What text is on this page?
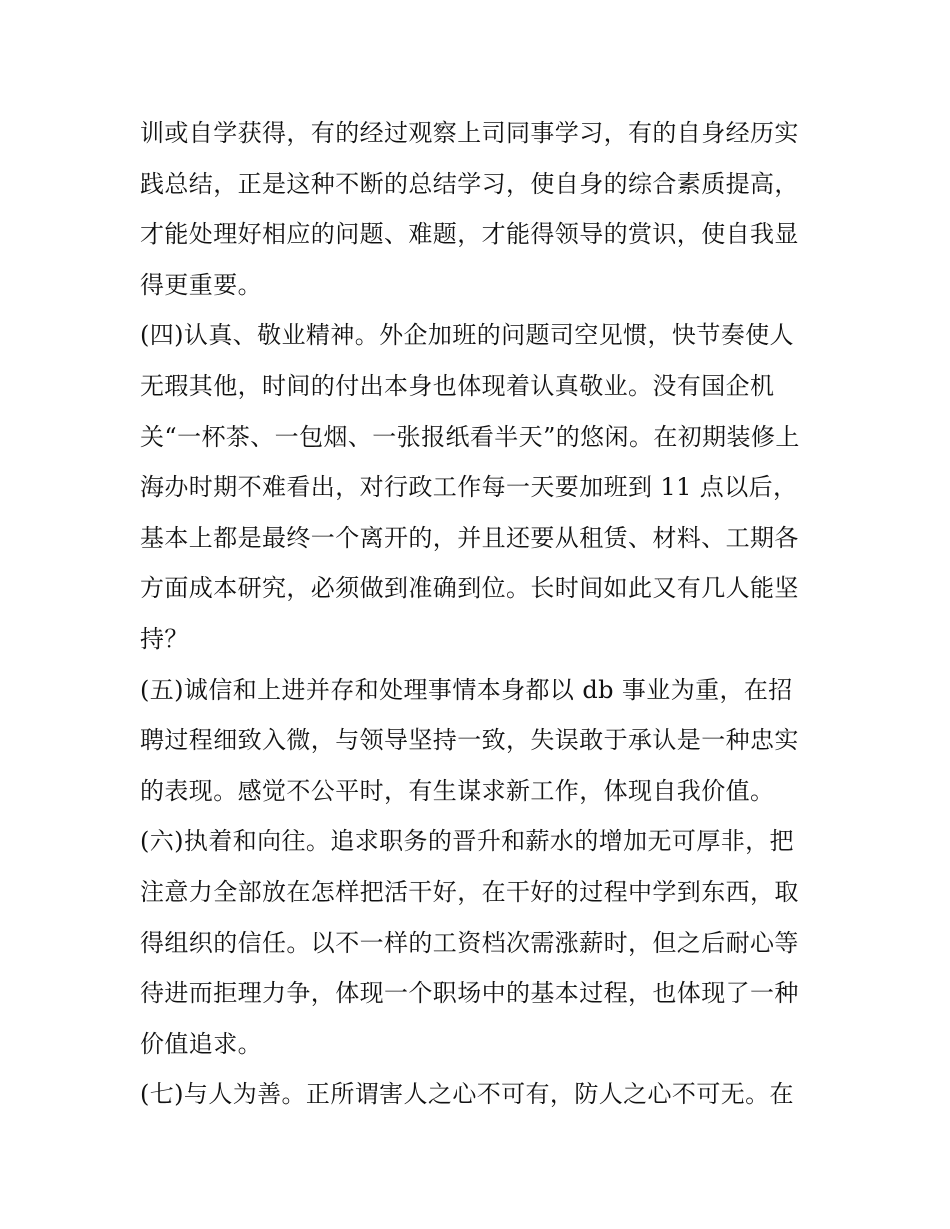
训或自学获得，有的经过观察上司同事学习，有的自身经历实
践总结，正是这种不断的总结学习，使自身的综合素质提高，
才能处理好相应的问题、难题，才能得领导的赏识，使自我显
得更重要。
(四)认真、敬业精神。外企加班的问题司空见惯，快节奏使人
无瑕其他，时间的付出本身也体现着认真敬业。没有国企机
关“一杯茶、一包烟、一张报纸看半天”的悠闲。在初期装修上
海办时期不难看出，对行政工作每一天要加班到 11 点以后，
基本上都是最终一个离开的，并且还要从租赁、材料、工期各
方面成本研究，必须做到准确到位。长时间如此又有几人能坚
持？
(五)诚信和上进并存和处理事情本身都以 db 事业为重，在招
聘过程细致入微，与领导坚持一致，失误敢于承认是一种忠实
的表现。感觉不公平时，有生谋求新工作，体现自我价值。
(六)执着和向往。追求职务的晋升和薪水的增加无可厚非，把
注意力全部放在怎样把活干好，在干好的过程中学到东西，取
得组织的信任。以不一样的工资档次需涨薪时，但之后耐心等
待进而拒理力争，体现一个职场中的基本过程，也体现了一种
价值追求。
(七)与人为善。正所谓害人之心不可有，防人之心不可无。在
